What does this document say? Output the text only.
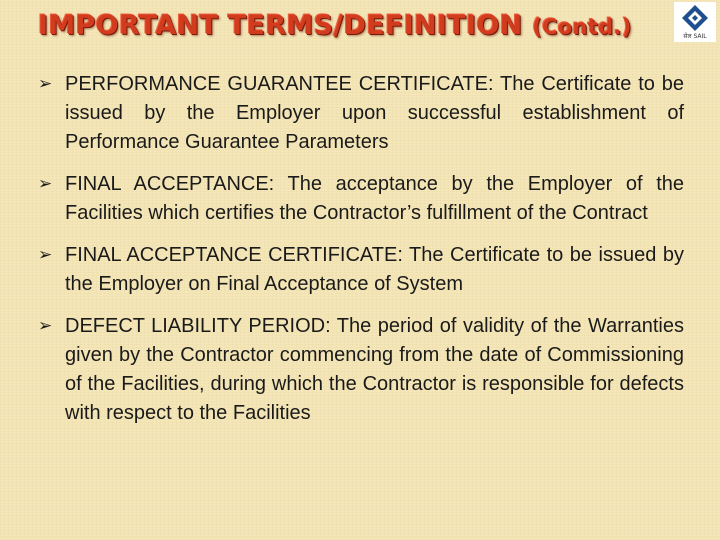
IMPORTANT TERMS/DEFINITION (Contd.)	सेल SAIL
➢ PERFORMANCE GUARANTEE CERTIFICATE: The Certificate to be issued by the Employer upon successful establishment of Performance Guarantee Parameters
➢ FINAL ACCEPTANCE: The acceptance by the Employer of the Facilities which certifies the Contractor’s fulfillment of the Contract
➢ FINAL ACCEPTANCE CERTIFICATE: The Certificate to be issued by the Employer on Final Acceptance of System
➢ DEFECT LIABILITY PERIOD: The period of validity of the Warranties given by the Contractor commencing from the date of Commissioning of the Facilities, during which the Contractor is responsible for defects with respect to the Facilities
